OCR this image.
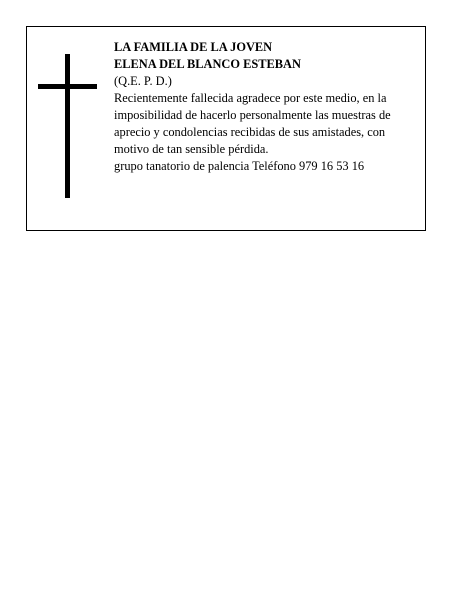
LA FAMILIA DE LA JOVEN
ELENA DEL BLANCO ESTEBAN
(Q.E. P. D.)
Recientemente fallecida agradece por este medio, en la
imposibilidad de hacerlo personalmente las muestras de
aprecio y condolencias recibidas de sus amistades, con
motivo de tan sensible pérdida.
grupo tanatorio de palencia Teléfono 979 16 53 16
